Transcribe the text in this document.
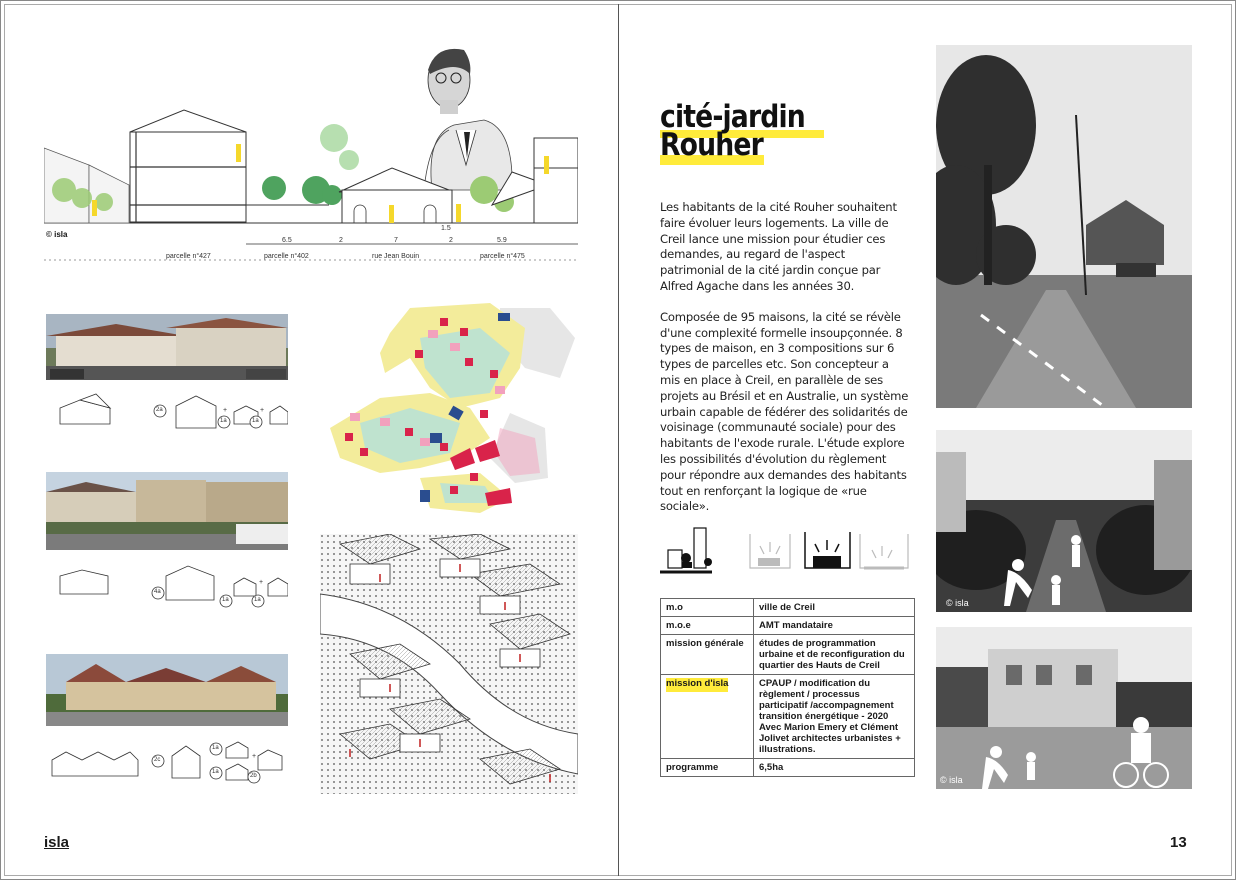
© isla
6.5	2	7	2	5.9
1.5
parcelle n°427	parcelle n°402	rue Jean Bouin	parcelle n°475
+	+
2a
1a	1a
+
4a
1a	1a
+
2c
1a
1a
2b
isla
cité-jardin
Rouher

Les habitants de la cité Rouher souhaitent faire évoluer leurs logements. La ville de Creil lance une mission pour étudier ces demandes, au regard de l'aspect patrimonial de la cité jardin conçue par Alfred Agache dans les années 30.

Composée de 95 maisons, la cité se révèle d'une complexité formelle insoupçonnée. 8 types de maison, en 3 compositions sur 6 types de parcelles etc. Son concepteur a mis en place à Creil, en parallèle de ses projets au Brésil et en Australie, un système urbain capable de fédérer des solidarités de voisinage (communauté sociale) pour des habitants de l'exode rurale. L'étude explore les possibilités d'évolution du règlement pour répondre aux demandes des habitants tout en renforçant la logique de «rue sociale».

m.o	ville de Creil
m.o.e	AMT mandataire
mission générale	études de programmation urbaine et de reconfiguration du quartier des Hauts de Creil
mission d'isla	CPAUP / modification du règlement / processus participatif /accompagnement transition énergétique - 2020 Avec Marion Emery et Clément Jolivet architectes urbanistes + illustrations.
programme	6,5ha
© isla
© isla
13
